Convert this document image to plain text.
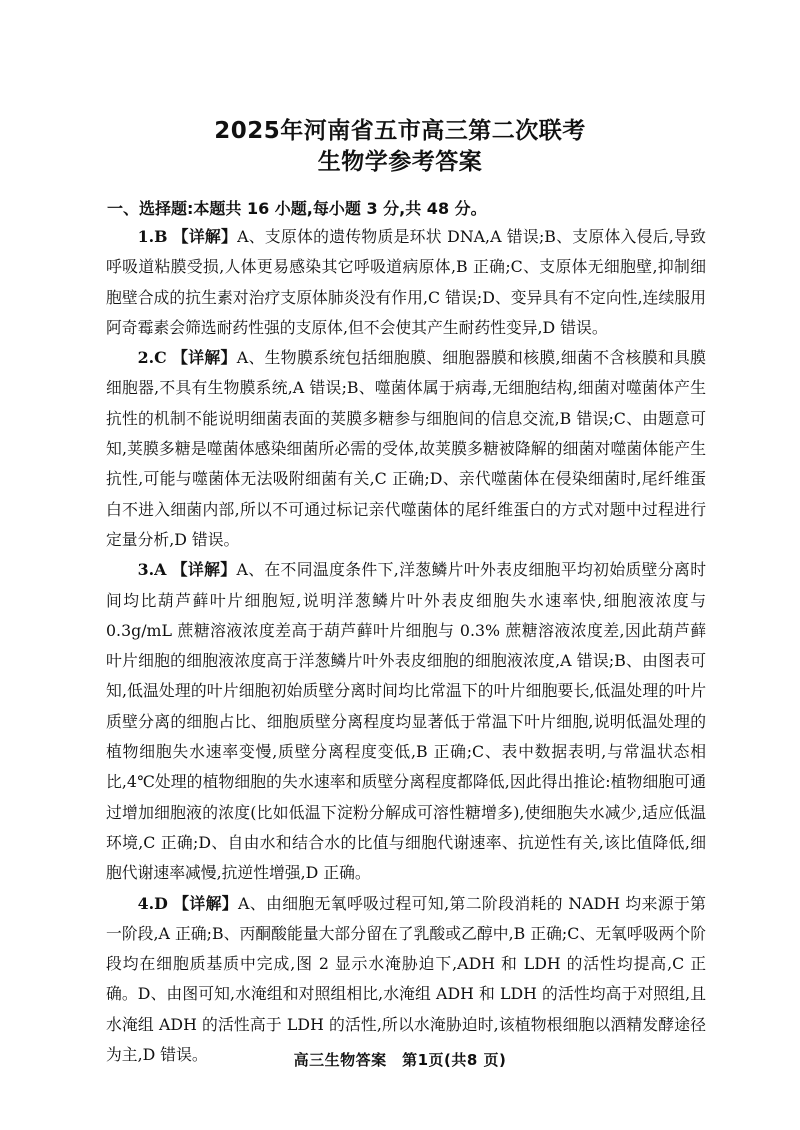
2025年河南省五市高三第二次联考
生物学参考答案
一、选择题:本题共 16 小题,每小题 3 分,共 48 分。

1.B 【详解】A、支原体的遗传物质是环状 DNA,A 错误;B、支原体入侵后,导致呼吸道粘膜受损,人体更易感染其它呼吸道病原体,B 正确;C、支原体无细胞壁,抑制细胞壁合成的抗生素对治疗支原体肺炎没有作用,C 错误;D、变异具有不定向性,连续服用阿奇霉素会筛选耐药性强的支原体,但不会使其产生耐药性变异,D 错误。

2.C 【详解】A、生物膜系统包括细胞膜、细胞器膜和核膜,细菌不含核膜和具膜细胞器,不具有生物膜系统,A 错误;B、噬菌体属于病毒,无细胞结构,细菌对噬菌体产生抗性的机制不能说明细菌表面的荚膜多糖参与细胞间的信息交流,B 错误;C、由题意可知,荚膜多糖是噬菌体感染细菌所必需的受体,故荚膜多糖被降解的细菌对噬菌体能产生抗性,可能与噬菌体无法吸附细菌有关,C 正确;D、亲代噬菌体在侵染细菌时,尾纤维蛋白不进入细菌内部,所以不可通过标记亲代噬菌体的尾纤维蛋白的方式对题中过程进行定量分析,D 错误。

3.A 【详解】A、在不同温度条件下,洋葱鳞片叶外表皮细胞平均初始质壁分离时间均比葫芦藓叶片细胞短,说明洋葱鳞片叶外表皮细胞失水速率快,细胞液浓度与0.3g/mL 蔗糖溶液浓度差高于葫芦藓叶片细胞与 0.3% 蔗糖溶液浓度差,因此葫芦藓叶片细胞的细胞液浓度高于洋葱鳞片叶外表皮细胞的细胞液浓度,A 错误;B、由图表可知,低温处理的叶片细胞初始质壁分离时间均比常温下的叶片细胞要长,低温处理的叶片质壁分离的细胞占比、细胞质壁分离程度均显著低于常温下叶片细胞,说明低温处理的植物细胞失水速率变慢,质壁分离程度变低,B 正确;C、表中数据表明,与常温状态相比,4℃处理的植物细胞的失水速率和质壁分离程度都降低,因此得出推论:植物细胞可通过增加细胞液的浓度(比如低温下淀粉分解成可溶性糖增多),使细胞失水减少,适应低温环境,C 正确;D、自由水和结合水的比值与细胞代谢速率、抗逆性有关,该比值降低,细胞代谢速率减慢,抗逆性增强,D 正确。

4.D 【详解】A、由细胞无氧呼吸过程可知,第二阶段消耗的 NADH 均来源于第一阶段,A 正确;B、丙酮酸能量大部分留在了乳酸或乙醇中,B 正确;C、无氧呼吸两个阶段均在细胞质基质中完成,图 2 显示水淹胁迫下,ADH 和 LDH 的活性均提高,C 正确。D、由图可知,水淹组和对照组相比,水淹组 ADH 和 LDH 的活性均高于对照组,且水淹组 ADH 的活性高于 LDH 的活性,所以水淹胁迫时,该植物根细胞以酒精发酵途径为主,D 错误。	高三生物答案　第1页(共8 页)
